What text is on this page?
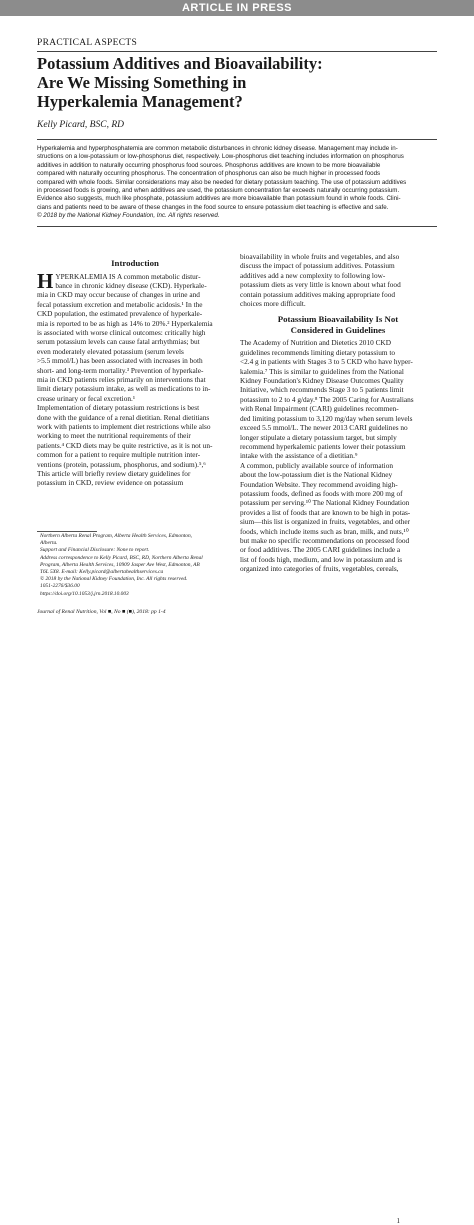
ARTICLE IN PRESS
PRACTICAL ASPECTS
Potassium Additives and Bioavailability:
Are We Missing Something in
Hyperkalemia Management?
Kelly Picard, BSC, RD

Hyperkalemia and hyperphosphatemia are common metabolic disturbances in chronic kidney disease. Management may include in-
structions on a low-potassium or low-phosphorus diet, respectively. Low-phosphorus diet teaching includes information on phosphorus
additives in addition to naturally occurring phosphorus food sources. Phosphorus additives are known to be more bioavailable
compared with naturally occurring phosphorus. The concentration of phosphorus can also be much higher in processed foods
compared with whole foods. Similar considerations may also be needed for dietary potassium teaching. The use of potassium additives
in processed foods is growing, and when additives are used, the potassium concentration far exceeds naturally occurring potassium.
Evidence also suggests, much like phosphate, potassium additives are more bioavailable than potassium found in whole foods. Clini-
cians and patients need to be aware of these changes in the food source to ensure potassium diet teaching is effective and safe.
© 2018 by the National Kidney Foundation, Inc. All rights reserved.

Introduction
H YPERKALEMIA IS A common metabolic distur-
bance in chronic kidney disease (CKD). Hyperkale-
mia in CKD may occur because of changes in urine and
fecal potassium excretion and metabolic acidosis.¹ In the
CKD population, the estimated prevalence of hyperkale-
mia is reported to be as high as 14% to 20%.² Hyperkalemia
is associated with worse clinical outcomes: critically high
serum potassium levels can cause fatal arrhythmias; but
even moderately elevated potassium (serum levels
>5.5 mmol/L) has been associated with increases in both
short- and long-term mortality.³ Prevention of hyperkale-
mia in CKD patients relies primarily on interventions that
limit dietary potassium intake, as well as medications to in-
crease urinary or fecal excretion.¹
Implementation of dietary potassium restrictions is best
done with the guidance of a renal dietitian. Renal dietitians
work with patients to implement diet restrictions while also
working to meet the nutritional requirements of their
patients.⁴ CKD diets may be quite restrictive, as it is not un-
common for a patient to require multiple nutrition inter-
ventions (protein, potassium, phosphorus, and sodium).⁵,⁶
This article will briefly review dietary guidelines for
potassium in CKD, review evidence on potassium
Northern Alberta Renal Program, Alberta Health Services, Edmonton,
Alberta.
Support and Financial Disclosure: None to report.
Address correspondence to Kelly Picard, BSC, RD, Northern Alberta Renal
Program, Alberta Health Services, 10909 Jasper Ave West, Edmonton, AB
T6L 5X8. E-mail: Kelly.picard@albertahealthservices.ca
© 2018 by the National Kidney Foundation, Inc. All rights reserved.
1051-2276/$36.00
https://doi.org/10.1053/j.jrn.2018.10.003
bioavailability in whole fruits and vegetables, and also
discuss the impact of potassium additives. Potassium
additives add a new complexity to following low-
potassium diets as very little is known about what food
contain potassium additives making appropriate food
choices more difficult.
Potassium Bioavailability Is Not
Considered in Guidelines
The Academy of Nutrition and Dietetics 2010 CKD
guidelines recommends limiting dietary potassium to
<2.4 g in patients with Stages 3 to 5 CKD who have hyper-
kalemia.⁷ This is similar to guidelines from the National
Kidney Foundation's Kidney Disease Outcomes Quality
Initiative, which recommends Stage 3 to 5 patients limit
potassium to 2 to 4 g/day.⁸ The 2005 Caring for Australians
with Renal Impairment (CARI) guidelines recommen-
ded limiting potassium to 3,120 mg/day when serum levels
exceed 5.5 mmol/L. The newer 2013 CARI guidelines no
longer stipulate a dietary potassium target, but simply
recommend hyperkalemic patients lower their potassium
intake with the assistance of a dietitian.⁹
A common, publicly available source of information
about the low-potassium diet is the National Kidney
Foundation Website. They recommend avoiding high-
potassium foods, defined as foods with more 200 mg of
potassium per serving.¹⁰ The National Kidney Foundation
provides a list of foods that are known to be high in potas-
sium—this list is organized in fruits, vegetables, and other
foods, which include items such as bran, milk, and nuts,¹⁰
but make no specific recommendations on processed food
or food additives. The 2005 CARI guidelines include a
list of foods high, medium, and low in potassium and is
organized into categories of fruits, vegetables, cereals,
Journal of Renal Nutrition, Vol ■, No ■ (■), 2018: pp 1-4
1
